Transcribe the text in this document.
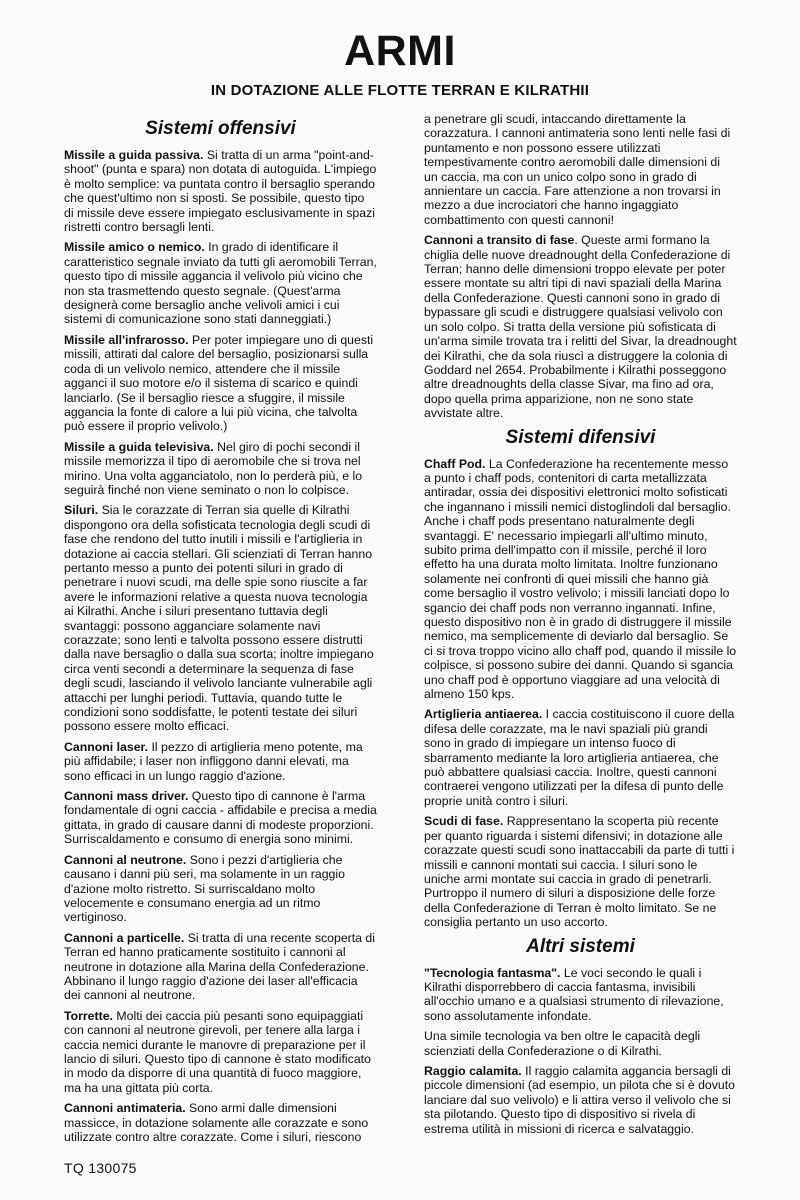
ARMI
IN DOTAZIONE ALLE FLOTTE TERRAN E KILRATHII
Sistemi offensivi

Missile a guida passiva. Si tratta di un arma "point-and-shoot" (punta e spara) non dotata di autoguida. L'impiego è molto semplice: va puntata contro il bersaglio sperando che quest'ultimo non si sposti. Se possibile, questo tipo di missile deve essere impiegato esclusivamente in spazi ristretti contro bersagli lenti.

Missile amico o nemico. In grado di identificare il caratteristico segnale inviato da tutti gli aeromobili Terran, questo tipo di missile aggancia il velivolo più vicino che non sta trasmettendo questo segnale. (Quest'arma designerà come bersaglio anche velivoli amici i cui sistemi di comunicazione sono stati danneggiati.)

Missile all'infrarosso. Per poter impiegare uno di questi missili, attirati dal calore del bersaglio, posizionarsi sulla coda di un velivolo nemico, attendere che il missile agganci il suo motore e/o il sistema di scarico e quindi lanciarlo. (Se il bersaglio riesce a sfuggire, il missile aggancia la fonte di calore a lui più vicina, che talvolta può essere il proprio velivolo.)

Missile a guida televisiva. Nel giro di pochi secondi il missile memorizza il tipo di aeromobile che si trova nel mirino. Una volta agganciatolo, non lo perderà più, e lo seguirà finché non viene seminato o non lo colpisce.

Siluri. Sia le corazzate di Terran sia quelle di Kilrathi dispongono ora della sofisticata tecnologia degli scudi di fase che rendono del tutto inutili i missili e l'artiglieria in dotazione ai caccia stellari. Gli scienziati di Terran hanno pertanto messo a punto dei potenti siluri in grado di penetrare i nuovi scudi, ma delle spie sono riuscite a far avere le informazioni relative a questa nuova tecnologia ai Kilrathi. Anche i siluri presentano tuttavia degli svantaggi: possono agganciare solamente navi corazzate; sono lenti e talvolta possono essere distrutti dalla nave bersaglio o dalla sua scorta; inoltre impiegano circa venti secondi a determinare la sequenza di fase degli scudi, lasciando il velivolo lanciante vulnerabile agli attacchi per lunghi periodi. Tuttavia, quando tutte le condizioni sono soddisfatte, le potenti testate dei siluri possono essere molto efficaci.

Cannoni laser. Il pezzo di artiglieria meno potente, ma più affidabile; i laser non infliggono danni elevati, ma sono efficaci in un lungo raggio d'azione.

Cannoni mass driver. Questo tipo di cannone è l'arma fondamentale di ogni caccia - affidabile e precisa a media gittata, in grado di causare danni di modeste proporzioni. Surriscaldamento e consumo di energia sono minimi.

Cannoni al neutrone. Sono i pezzi d'artiglieria che causano i danni più seri, ma solamente in un raggio d'azione molto ristretto. Si surriscaldano molto velocemente e consumano energia ad un ritmo vertiginoso.

Cannoni a particelle. Si tratta di una recente scoperta di Terran ed hanno praticamente sostituito i cannoni al neutrone in dotazione alla Marina della Confederazione. Abbinano il lungo raggio d'azione dei laser all'efficacia dei cannoni al neutrone.

Torrette. Molti dei caccia più pesanti sono equipaggiati con cannoni al neutrone girevoli, per tenere alla larga i caccia nemici durante le manovre di preparazione per il lancio di siluri. Questo tipo di cannone è stato modificato in modo da disporre di una quantità di fuoco maggiore, ma ha una gittata più corta.

Cannoni antimateria. Sono armi dalle dimensioni massicce, in dotazione solamente alle corazzate e sono utilizzate contro altre corazzate. Come i siluri, riescono

a penetrare gli scudi, intaccando direttamente la corazzatura. I cannoni antimateria sono lenti nelle fasi di puntamento e non possono essere utilizzati tempestivamente contro aeromobili dalle dimensioni di un caccia, ma con un unico colpo sono in grado di annientare un caccia. Fare attenzione a non trovarsi in mezzo a due incrociatori che hanno ingaggiato combattimento con questi cannoni!

Cannoni a transito di fase. Queste armi formano la chiglia delle nuove dreadnought della Confederazione di Terran; hanno delle dimensioni troppo elevate per poter essere montate su altri tipi di navi spaziali della Marina della Confederazione. Questi cannoni sono in grado di bypassare gli scudi e distruggere qualsiasi velivolo con un solo colpo. Si tratta della versione più sofisticata di un'arma simile trovata tra i relitti del Sivar, la dreadnought dei Kilrathi, che da sola riuscì a distruggere la colonia di Goddard nel 2654. Probabilmente i Kilrathi posseggono altre dreadnoughts della classe Sivar, ma fino ad ora, dopo quella prima apparizione, non ne sono state avvistate altre.

Sistemi difensivi

Chaff Pod. La Confederazione ha recentemente messo a punto i chaff pods, contenitori di carta metallizzata antiradar, ossia dei dispositivi elettronici molto sofisticati che ingannano i missili nemici distoglindoli dal bersaglio. Anche i chaff pods presentano naturalmente degli svantaggi. E' necessario impiegarli all'ultimo minuto, subito prima dell'impatto con il missile, perché il loro effetto ha una durata molto limitata. Inoltre funzionano solamente nei confronti di quei missili che hanno già come bersaglio il vostro velivolo; i missili lanciati dopo lo sgancio dei chaff pods non verranno ingannati. Infine, questo dispositivo non è in grado di distruggere il missile nemico, ma semplicemente di deviarlo dal bersaglio. Se ci si trova troppo vicino allo chaff pod, quando il missile lo colpisce, si possono subire dei danni. Quando si sgancia uno chaff pod è opportuno viaggiare ad una velocità di almeno 150 kps.

Artiglieria antiaerea. I caccia costituiscono il cuore della difesa delle corazzate, ma le navi spaziali più grandi sono in grado di impiegare un intenso fuoco di sbarramento mediante la loro artiglieria antiaerea, che può abbattere qualsiasi caccia. Inoltre, questi cannoni contraerei vengono utilizzati per la difesa di punto delle proprie unità contro i siluri.

Scudi di fase. Rappresentano la scoperta più recente per quanto riguarda i sistemi difensivi; in dotazione alle corazzate questi scudi sono inattaccabili da parte di tutti i missili e cannoni montati sui caccia. I siluri sono le uniche armi montate sui caccia in grado di penetrarli. Purtroppo il numero di siluri a disposizione delle forze della Confederazione di Terran è molto limitato. Se ne consiglia pertanto un uso accorto.

Altri sistemi

"Tecnologia fantasma". Le voci secondo le quali i Kilrathi disporrebbero di caccia fantasma, invisibili all'occhio umano e a qualsiasi strumento di rilevazione, sono assolutamente infondate.

Una simile tecnologia va ben oltre le capacità degli scienziati della Confederazione o di Kilrathi.

Raggio calamita. Il raggio calamita aggancia bersagli di piccole dimensioni (ad esempio, un pilota che si è dovuto lanciare dal suo velivolo) e li attira verso il velivolo che si sta pilotando. Questo tipo di dispositivo si rivela di estrema utilità in missioni di ricerca e salvataggio.

TQ 130075
